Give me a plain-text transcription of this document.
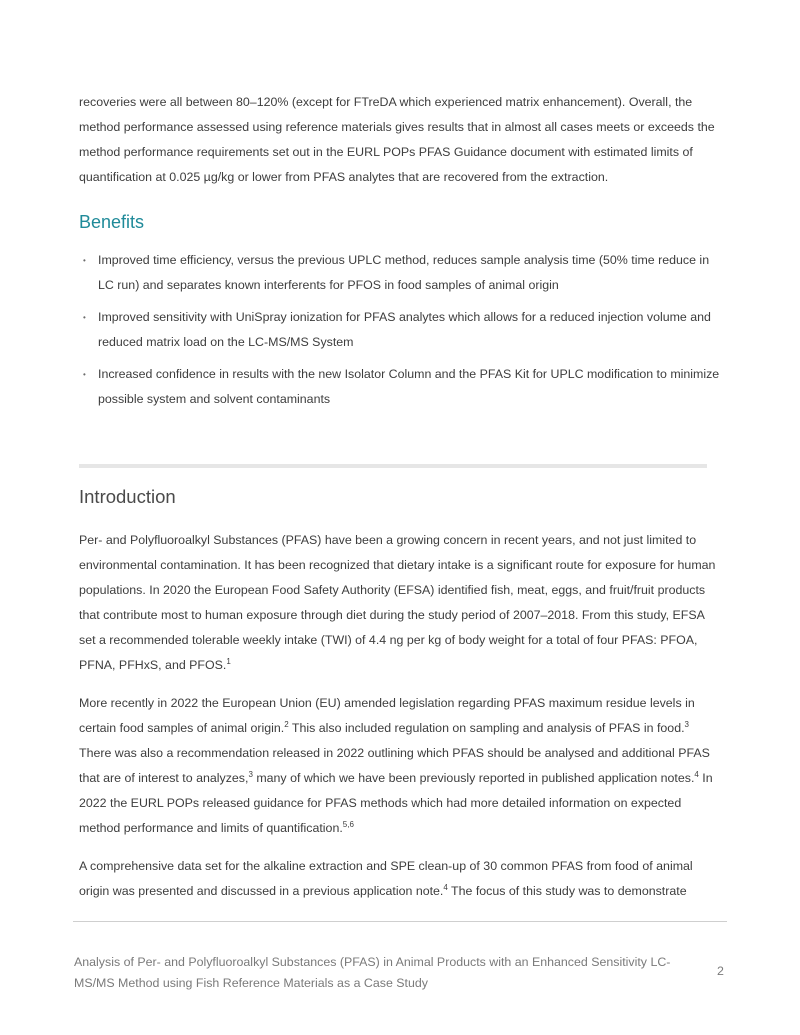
recoveries were all between 80–120% (except for FTreDA which experienced matrix enhancement). Overall, the method performance assessed using reference materials gives results that in almost all cases meets or exceeds the method performance requirements set out in the EURL POPs PFAS Guidance document with estimated limits of quantification at 0.025 µg/kg or lower from PFAS analytes that are recovered from the extraction.

Benefits
• Improved time efficiency, versus the previous UPLC method, reduces sample analysis time (50% time reduce in LC run) and separates known interferents for PFOS in food samples of animal origin
• Improved sensitivity with UniSpray ionization for PFAS analytes which allows for a reduced injection volume and reduced matrix load on the LC-MS/MS System
• Increased confidence in results with the new Isolator Column and the PFAS Kit for UPLC modification to minimize possible system and solvent contaminants
Introduction

Per- and Polyfluoroalkyl Substances (PFAS) have been a growing concern in recent years, and not just limited to environmental contamination. It has been recognized that dietary intake is a significant route for exposure for human populations. In 2020 the European Food Safety Authority (EFSA) identified fish, meat, eggs, and fruit/fruit products that contribute most to human exposure through diet during the study period of 2007–2018. From this study, EFSA set a recommended tolerable weekly intake (TWI) of 4.4 ng per kg of body weight for a total of four PFAS: PFOA, PFNA, PFHxS, and PFOS.$^1$

More recently in 2022 the European Union (EU) amended legislation regarding PFAS maximum residue levels in certain food samples of animal origin.$^2$ This also included regulation on sampling and analysis of PFAS in food.$^3$ There was also a recommendation released in 2022 outlining which PFAS should be analysed and additional PFAS that are of interest to analyzes,$^3$ many of which we have been previously reported in published application notes.$^4$ In 2022 the EURL POPs released guidance for PFAS methods which had more detailed information on expected method performance and limits of quantification.$^{5,6}$

A comprehensive data set for the alkaline extraction and SPE clean-up of 30 common PFAS from food of animal origin was presented and discussed in a previous application note.$^4$ The focus of this study was to demonstrate

Analysis of Per- and Polyfluoroalkyl Substances (PFAS) in Animal Products with an Enhanced Sensitivity LC-MS/MS Method using Fish Reference Materials as a Case Study

2
